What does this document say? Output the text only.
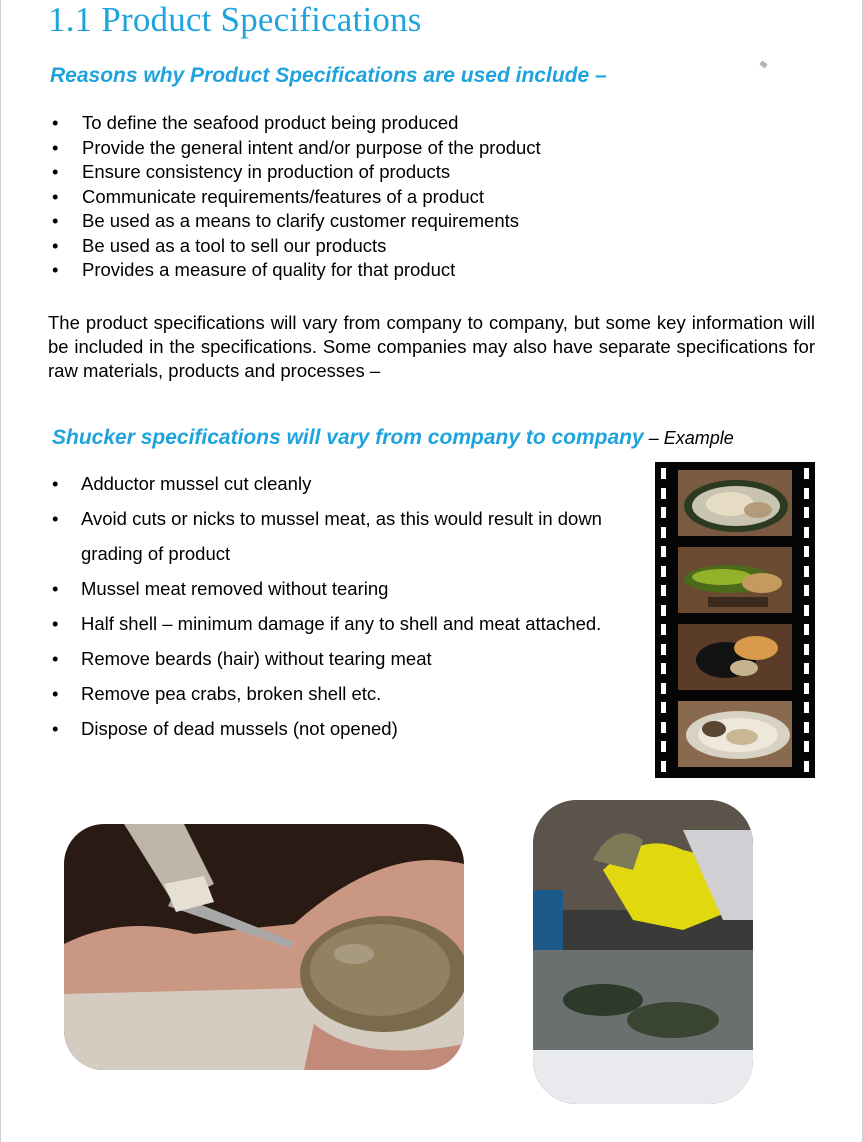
1.1 Product Specifications
Reasons why Product Specifications are used include –
• To define the seafood product being produced
• Provide the general intent and/or purpose of the product
• Ensure consistency in production of products
• Communicate requirements/features of a product
• Be used as a means to clarify customer requirements
• Be used as a tool to sell our products
• Provides a measure of quality for that product

The product specifications will vary from company to company, but some key information will be included in the specifications. Some companies may also have separate specifications for raw materials, products and processes –

Shucker specifications will vary from company to company – Example
• Adductor mussel cut cleanly
• Avoid cuts or nicks to mussel meat, as this would result in down grading of product
• Mussel meat removed without tearing
• Half shell – minimum damage if any to shell and meat attached.
• Remove beards (hair) without tearing meat
• Remove pea crabs, broken shell etc.
• Dispose of dead mussels (not opened)
